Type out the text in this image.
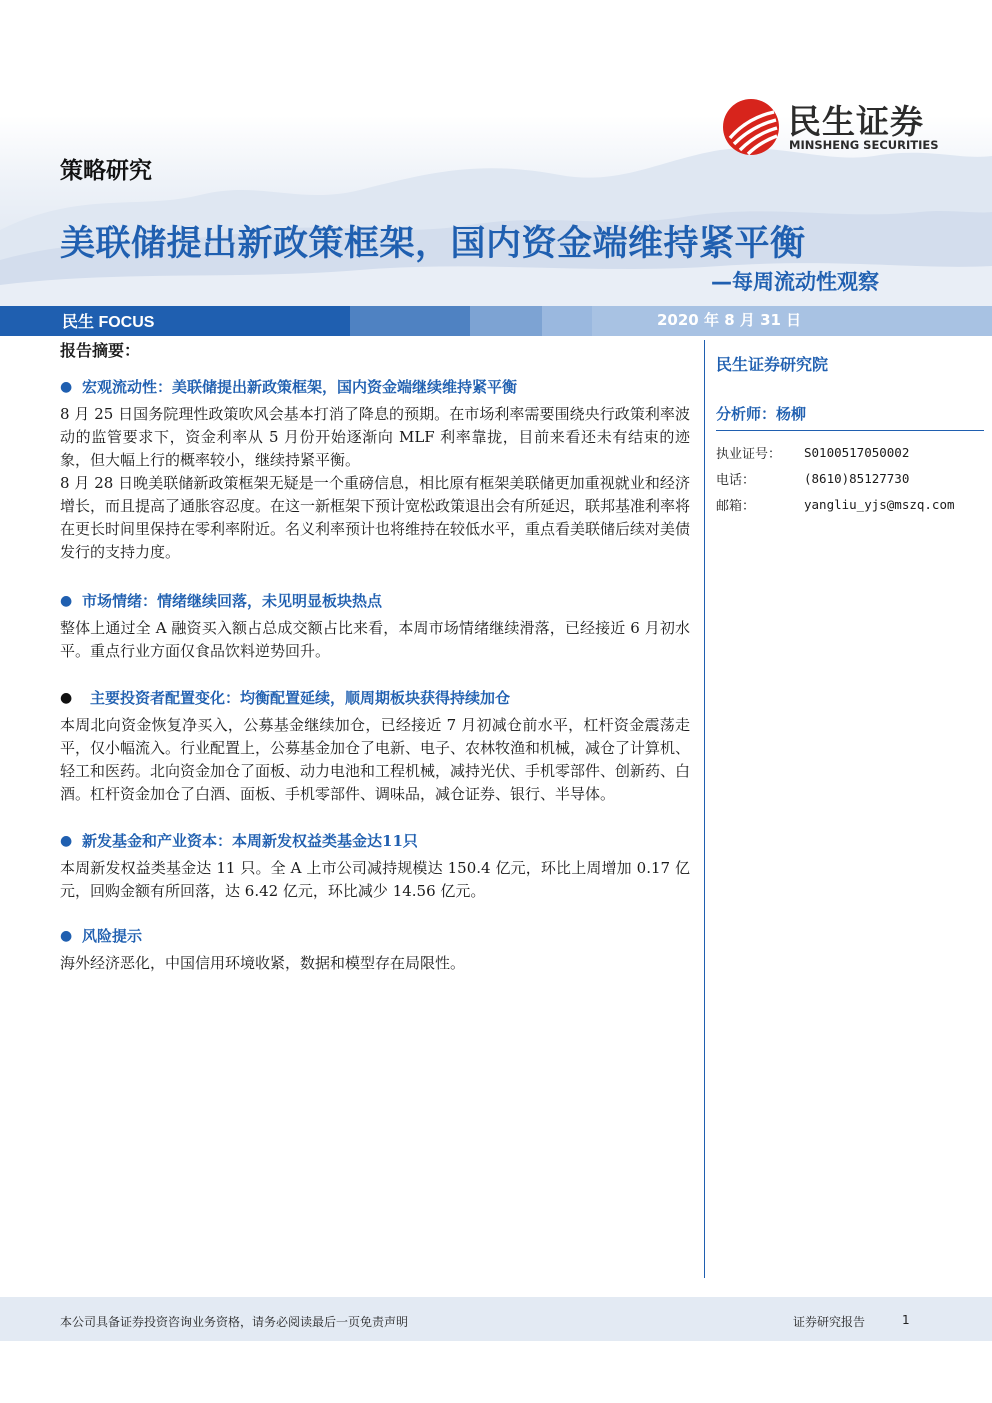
民生证券
MINSHENG SECURITIES
策略研究
美联储提出新政策框架，国内资金端维持紧平衡
—每周流动性观察
民生 FOCUS	2020 年 8 月 31 日
报告摘要：
● 宏观流动性：美联储提出新政策框架，国内资金端继续维持紧平衡

8 月 25 日国务院理性政策吹风会基本打消了降息的预期。在市场利率需要围绕央行政策利率波动的监管要求下，资金利率从 5 月份开始逐渐向 MLF 利率靠拢，目前来看还未有结束的迹象，但大幅上行的概率较小，继续持紧平衡。

8 月 28 日晚美联储新政策框架无疑是一个重磅信息，相比原有框架美联储更加重视就业和经济增长，而且提高了通胀容忍度。在这一新框架下预计宽松政策退出会有所延迟，联邦基准利率将在更长时间里保持在零利率附近。名义利率预计也将维持在较低水平，重点看美联储后续对美债发行的支持力度。

● 市场情绪：情绪继续回落，未见明显板块热点

整体上通过全 A 融资买入额占总成交额占比来看，本周市场情绪继续滑落，已经接近 6 月初水平。重点行业方面仅食品饮料逆势回升。

●	主要投资者配置变化：均衡配置延续，顺周期板块获得持续加仓

本周北向资金恢复净买入，公募基金继续加仓，已经接近 7 月初减仓前水平，杠杆资金震荡走平，仅小幅流入。行业配置上，公募基金加仓了电新、电子、农林牧渔和机械，减仓了计算机、轻工和医药。北向资金加仓了面板、动力电池和工程机械，减持光伏、手机零部件、创新药、白酒。杠杆资金加仓了白酒、面板、手机零部件、调味品，减仓证券、银行、半导体。

● 新发基金和产业资本：本周新发权益类基金达11只

本周新发权益类基金达 11 只。全 A 上市公司减持规模达 150.4 亿元，环比上周增加 0.17 亿元，回购金额有所回落，达 6.42 亿元，环比减少 14.56 亿元。

● 风险提示

海外经济恶化，中国信用环境收紧，数据和模型存在局限性。

民生证券研究院
分析师：杨柳
执业证号：	S0100517050002
电话：	(8610)85127730
邮箱：	yangliu_yjs@mszq.com
本公司具备证券投资咨询业务资格，请务必阅读最后一页免责声明	证券研究报告	1
